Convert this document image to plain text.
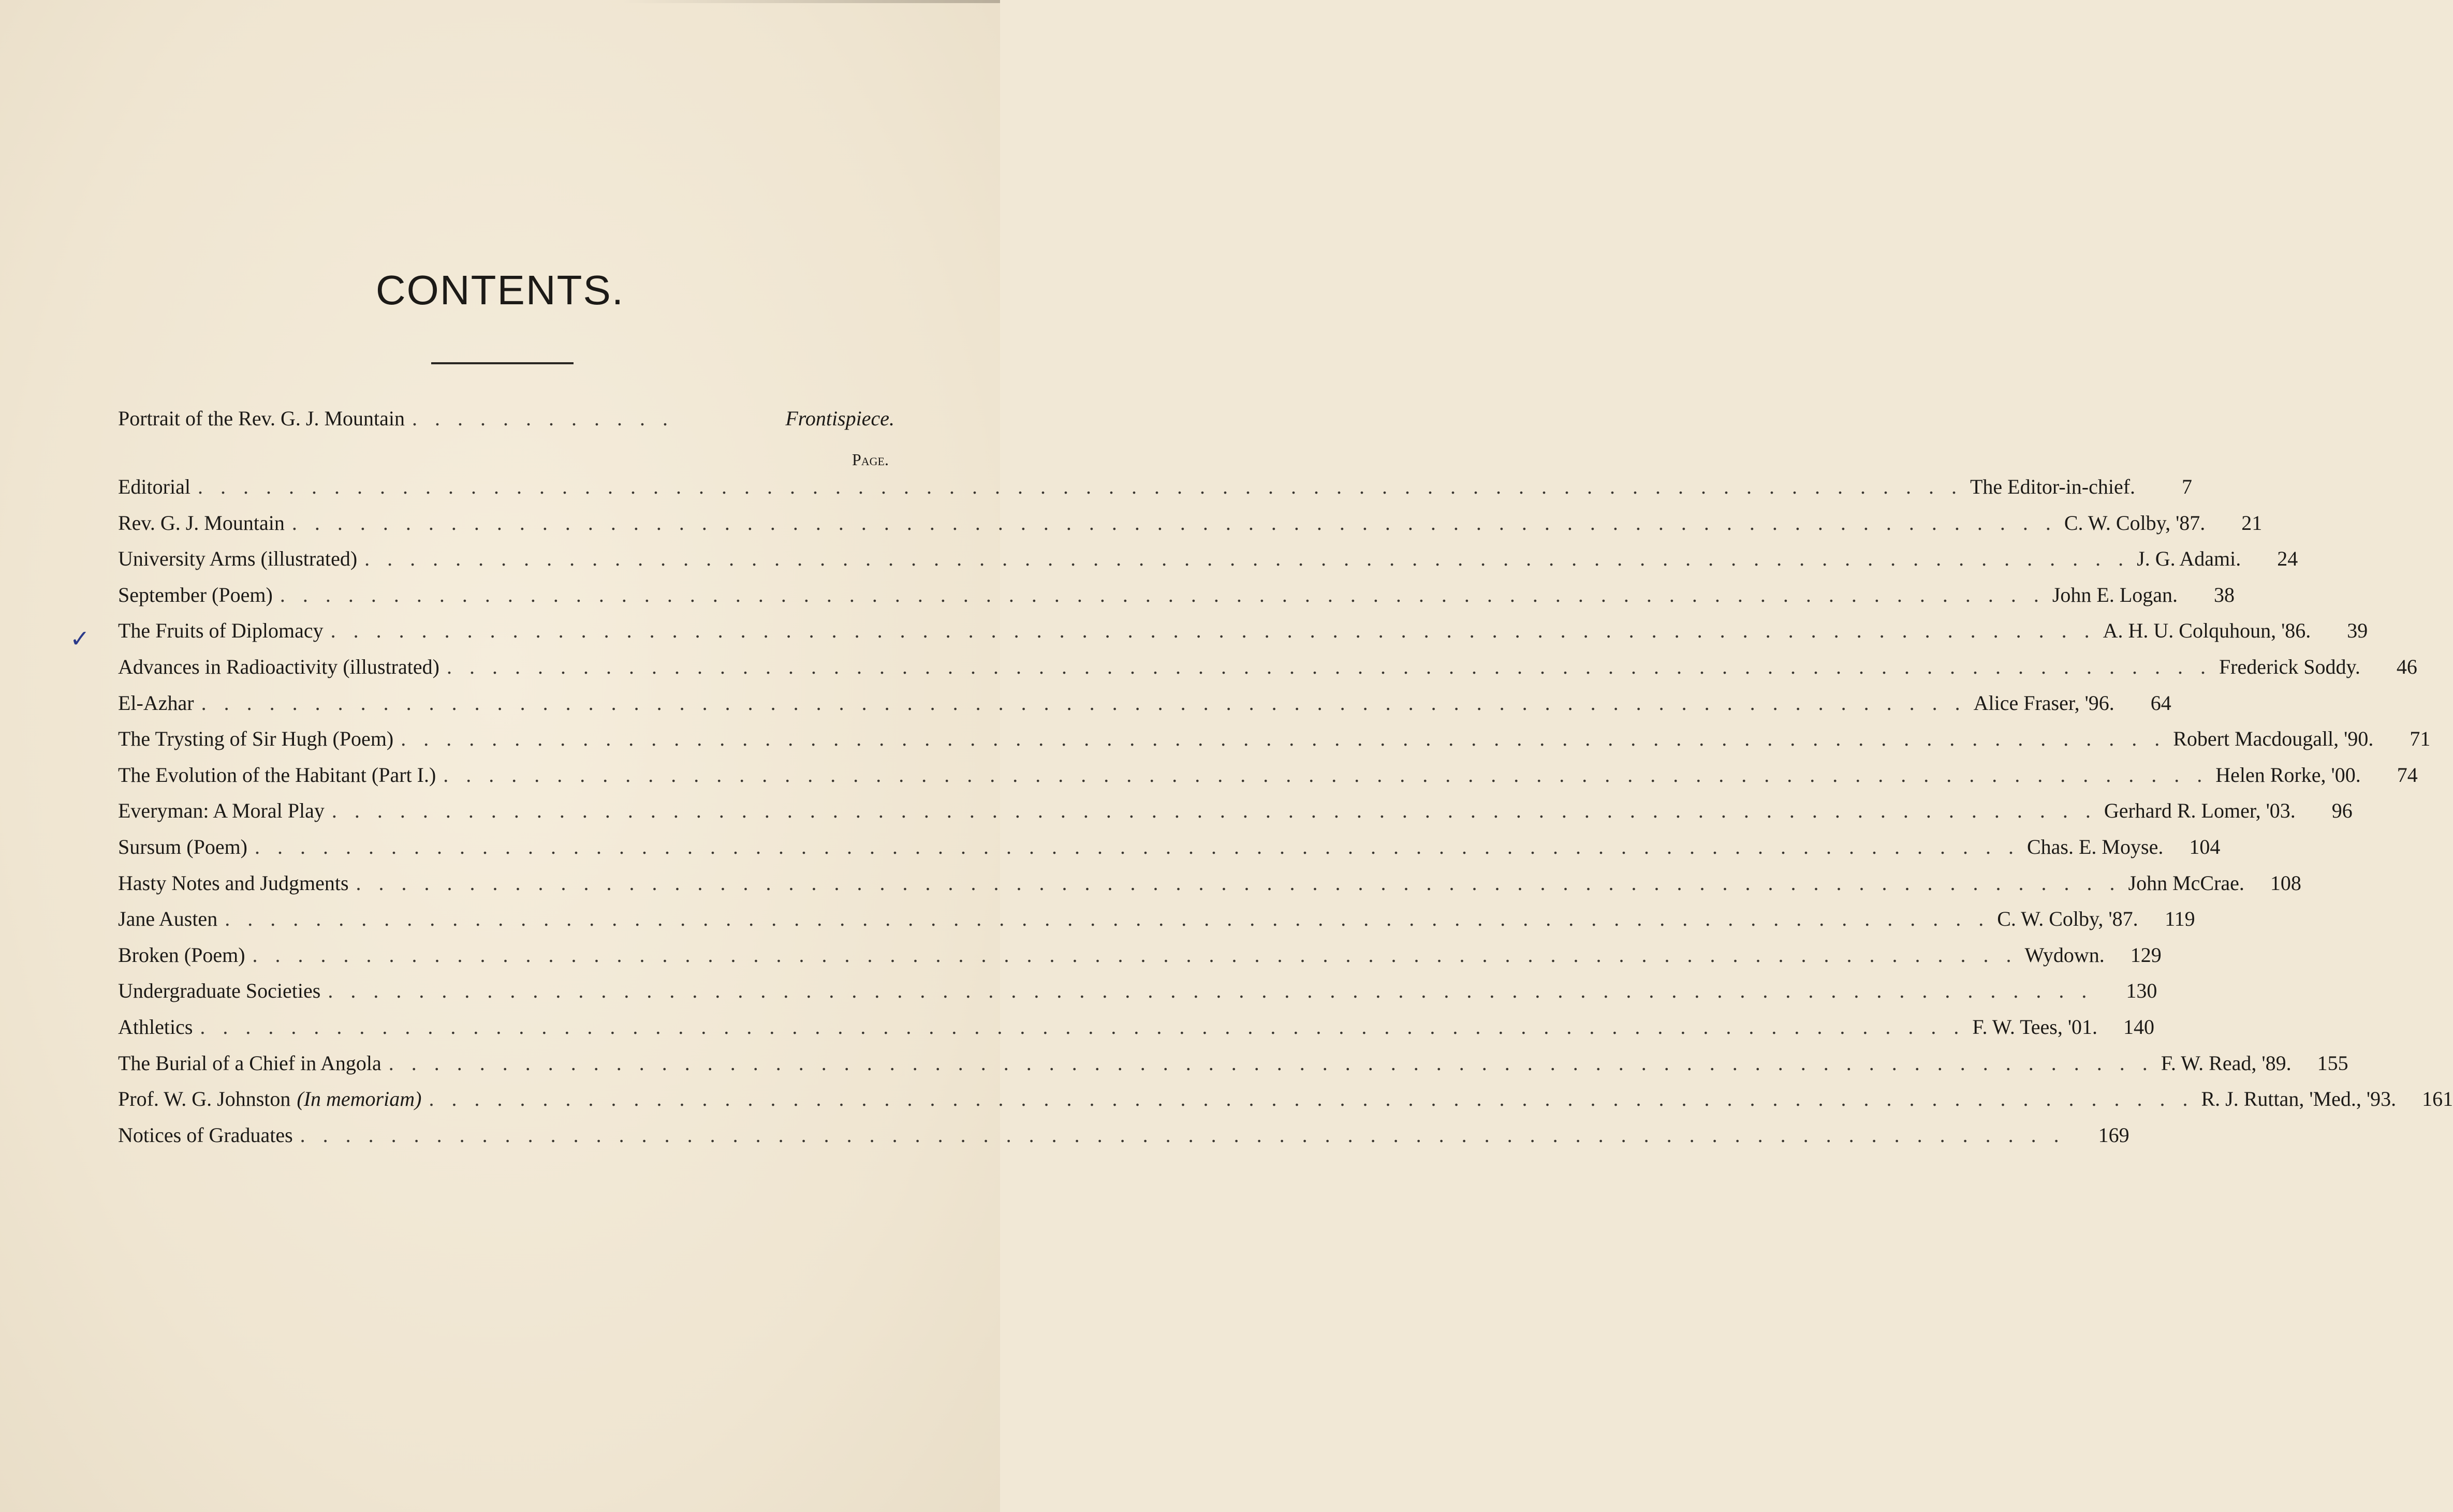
CONTENTS.
Portrait of the Rev. G. J. Mountain . . . . . . . . . . . .	Frontispiece.
Page.
✓
Editorial . . . . . . . . . . . . . . . . . . . . . . . . . . . . . . . . . . . . . . . . . . . . . . . . . . . . . . . . . . . . . . . . . . . . . . . . . . . . . . The Editor-in-chief.	7
Rev. G. J. Mountain . . . . . . . . . . . . . . . . . . . . . . . . . . . . . . . . . . . . . . . . . . . . . . . . . . . . . . . . . . . . . . . . . . . . . . . . . . . . . . C. W. Colby, '87.	21
University Arms (illustrated) . . . . . . . . . . . . . . . . . . . . . . . . . . . . . . . . . . . . . . . . . . . . . . . . . . . . . . . . . . . . . . . . . . . . . . . . . . . . . . J. G. Adami.	24
September (Poem) . . . . . . . . . . . . . . . . . . . . . . . . . . . . . . . . . . . . . . . . . . . . . . . . . . . . . . . . . . . . . . . . . . . . . . . . . . . . . . John E. Logan.	38
The Fruits of Diplomacy . . . . . . . . . . . . . . . . . . . . . . . . . . . . . . . . . . . . . . . . . . . . . . . . . . . . . . . . . . . . . . . . . . . . . . . . . . . . . . A. H. U. Colquhoun, '86.	39
Advances in Radioactivity (illustrated) . . . . . . . . . . . . . . . . . . . . . . . . . . . . . . . . . . . . . . . . . . . . . . . . . . . . . . . . . . . . . . . . . . . . . . . . . . . . . . Frederick Soddy.	46
El-Azhar . . . . . . . . . . . . . . . . . . . . . . . . . . . . . . . . . . . . . . . . . . . . . . . . . . . . . . . . . . . . . . . . . . . . . . . . . . . . . . Alice Fraser, '96.	64
The Trysting of Sir Hugh (Poem) . . . . . . . . . . . . . . . . . . . . . . . . . . . . . . . . . . . . . . . . . . . . . . . . . . . . . . . . . . . . . . . . . . . . . . . . . . . . . . Robert Macdougall, '90.	71
The Evolution of the Habitant (Part I.) . . . . . . . . . . . . . . . . . . . . . . . . . . . . . . . . . . . . . . . . . . . . . . . . . . . . . . . . . . . . . . . . . . . . . . . . . . . . . . Helen Rorke, '00.	74
Everyman: A Moral Play . . . . . . . . . . . . . . . . . . . . . . . . . . . . . . . . . . . . . . . . . . . . . . . . . . . . . . . . . . . . . . . . . . . . . . . . . . . . . . Gerhard R. Lomer, '03.	96
Sursum (Poem) . . . . . . . . . . . . . . . . . . . . . . . . . . . . . . . . . . . . . . . . . . . . . . . . . . . . . . . . . . . . . . . . . . . . . . . . . . . . . . Chas. E. Moyse.	104
Hasty Notes and Judgments . . . . . . . . . . . . . . . . . . . . . . . . . . . . . . . . . . . . . . . . . . . . . . . . . . . . . . . . . . . . . . . . . . . . . . . . . . . . . . John McCrae.	108
Jane Austen . . . . . . . . . . . . . . . . . . . . . . . . . . . . . . . . . . . . . . . . . . . . . . . . . . . . . . . . . . . . . . . . . . . . . . . . . . . . . . C. W. Colby, '87.	119
Broken (Poem) . . . . . . . . . . . . . . . . . . . . . . . . . . . . . . . . . . . . . . . . . . . . . . . . . . . . . . . . . . . . . . . . . . . . . . . . . . . . . . Wydown.	129
Undergraduate Societies . . . . . . . . . . . . . . . . . . . . . . . . . . . . . . . . . . . . . . . . . . . . . . . . . . . . . . . . . . . . . . . . . . . . . . . . . . . . . .	130
Athletics . . . . . . . . . . . . . . . . . . . . . . . . . . . . . . . . . . . . . . . . . . . . . . . . . . . . . . . . . . . . . . . . . . . . . . . . . . . . . . F. W. Tees, '01.	140
The Burial of a Chief in Angola . . . . . . . . . . . . . . . . . . . . . . . . . . . . . . . . . . . . . . . . . . . . . . . . . . . . . . . . . . . . . . . . . . . . . . . . . . . . . . F. W. Read, '89.	155
Prof. W. G. Johnston (In memoriam) . . . . . . . . . . . . . . . . . . . . . . . . . . . . . . . . . . . . . . . . . . . . . . . . . . . . . . . . . . . . . . . . . . . . . . . . . . . . . . R. J. Ruttan, 'Med., '93.	161
Notices of Graduates . . . . . . . . . . . . . . . . . . . . . . . . . . . . . . . . . . . . . . . . . . . . . . . . . . . . . . . . . . . . . . . . . . . . . . . . . . . . . .	169
